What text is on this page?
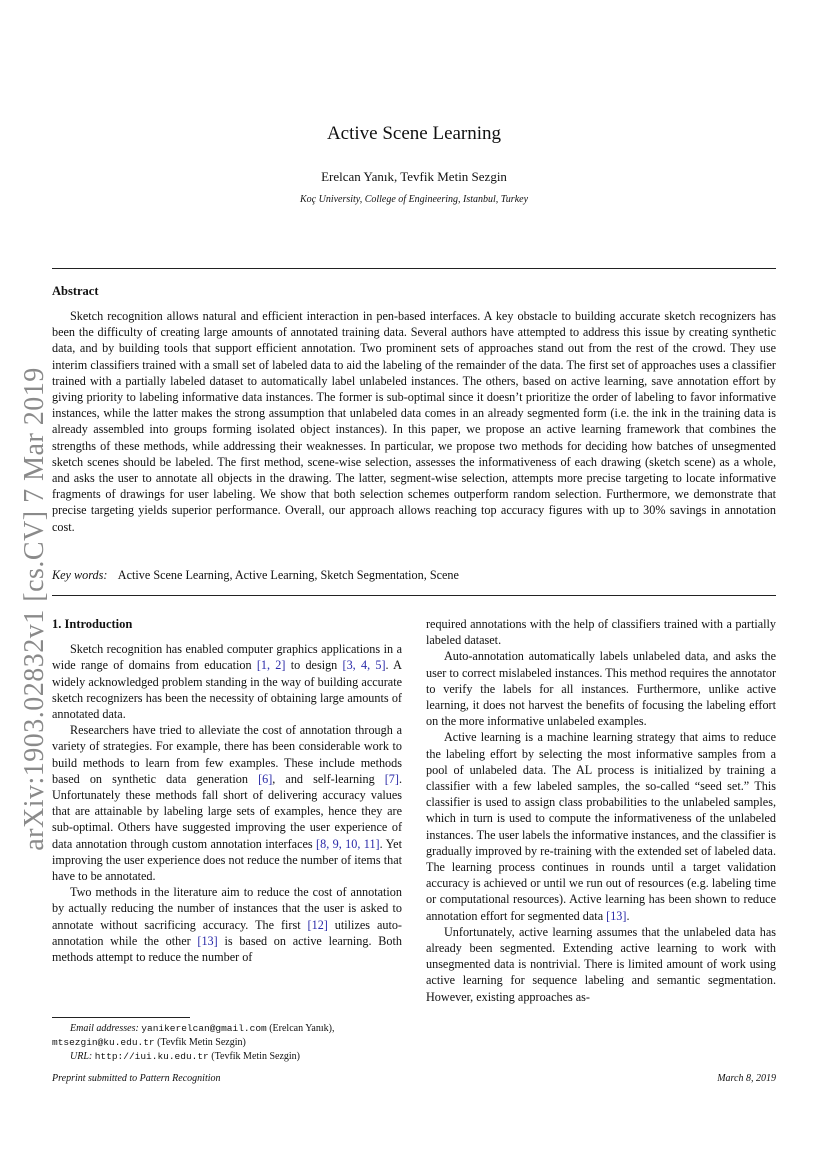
Active Scene Learning
Erelcan Yanık, Tevfik Metin Sezgin
Koç University, College of Engineering, Istanbul, Turkey
Abstract
Sketch recognition allows natural and efficient interaction in pen-based interfaces. A key obstacle to building accurate sketch recognizers has been the difficulty of creating large amounts of annotated training data. Several authors have attempted to address this issue by creating synthetic data, and by building tools that support efficient annotation. Two prominent sets of approaches stand out from the rest of the crowd. They use interim classifiers trained with a small set of labeled data to aid the labeling of the remainder of the data. The first set of approaches uses a classifier trained with a partially labeled dataset to automatically label unlabeled instances. The others, based on active learning, save annotation effort by giving priority to labeling informative data instances. The former is sub-optimal since it doesn’t prioritize the order of labeling to favor informative instances, while the latter makes the strong assumption that unlabeled data comes in an already segmented form (i.e. the ink in the training data is already assembled into groups forming isolated object instances). In this paper, we propose an active learning framework that combines the strengths of these methods, while addressing their weaknesses. In particular, we propose two methods for deciding how batches of unsegmented sketch scenes should be labeled. The first method, scene-wise selection, assesses the informativeness of each drawing (sketch scene) as a whole, and asks the user to annotate all objects in the drawing. The latter, segment-wise selection, attempts more precise targeting to locate informative fragments of drawings for user labeling. We show that both selection schemes outperform random selection. Furthermore, we demonstrate that precise targeting yields superior performance. Overall, our approach allows reaching top accuracy figures with up to 30% savings in annotation cost.
Key words: Active Scene Learning, Active Learning, Sketch Segmentation, Scene
1. Introduction

Sketch recognition has enabled computer graphics applications in a wide range of domains from education [1, 2] to design [3, 4, 5]. A widely acknowledged problem standing in the way of building accurate sketch recognizers has been the necessity of obtaining large amounts of annotated data.

Researchers have tried to alleviate the cost of annotation through a variety of strategies. For example, there has been considerable work to build methods to learn from few examples. These include methods based on synthetic data generation [6], and self-learning [7]. Unfortunately these methods fall short of delivering accuracy values that are attainable by labeling large sets of examples, hence they are sub-optimal. Others have suggested improving the user experience of data annotation through custom annotation interfaces [8, 9, 10, 11]. Yet improving the user experience does not reduce the number of items that have to be annotated.

Two methods in the literature aim to reduce the cost of annotation by actually reducing the number of instances that the user is asked to annotate without sacrificing accuracy. The first [12] utilizes auto-annotation while the other [13] is based on active learning. Both methods attempt to reduce the number of

required annotations with the help of classifiers trained with a partially labeled dataset.

Auto-annotation automatically labels unlabeled data, and asks the user to correct mislabeled instances. This method requires the annotator to verify the labels for all instances. Furthermore, unlike active learning, it does not harvest the benefits of focusing the labeling effort on the more informative unlabeled examples.

Active learning is a machine learning strategy that aims to reduce the labeling effort by selecting the most informative samples from a pool of unlabeled data. The AL process is initialized by training a classifier with a few labeled samples, the so-called “seed set.” This classifier is used to assign class probabilities to the unlabeled samples, which in turn is used to compute the informativeness of the unlabeled instances. The user labels the informative instances, and the classifier is gradually improved by re-training with the extended set of labeled data. The learning process continues in rounds until a target validation accuracy is achieved or until we run out of resources (e.g. labeling time or computational resources). Active learning has been shown to reduce annotation effort for segmented data [13].

Unfortunately, active learning assumes that the unlabeled data has already been segmented. Extending active learning to work with unsegmented data is nontrivial. There is limited amount of work using active learning for sequence labeling and semantic segmentation. However, existing approaches as-

Email addresses: yanikerelcan@gmail.com (Erelcan Yanık),
mtsezgin@ku.edu.tr (Tevfik Metin Sezgin)
URL: http://iui.ku.edu.tr (Tevfik Metin Sezgin)
Preprint submitted to Pattern Recognition	March 8, 2019
arXiv:1903.02832v1 [cs.CV] 7 Mar 2019
